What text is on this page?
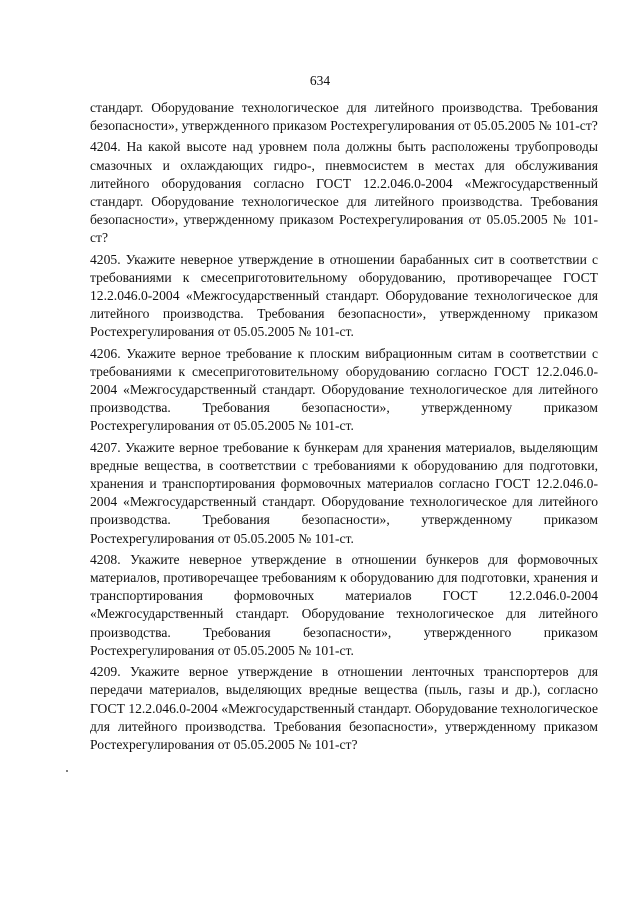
634

стандарт. Оборудование технологическое для литейного производства. Требования безопасности», утвержденного приказом Ростехрегулирования от 05.05.2005 № 101-ст?

4204. На какой высоте над уровнем пола должны быть расположены трубопроводы смазочных и охлаждающих гидро-, пневмосистем в местах для обслуживания литейного оборудования согласно ГОСТ 12.2.046.0-2004 «Межгосударственный стандарт. Оборудование технологическое для литейного производства. Требования безопасности», утвержденному приказом Ростехрегулирования от 05.05.2005 № 101-ст?

4205. Укажите неверное утверждение в отношении барабанных сит в соответствии с требованиями к смесеприготовительному оборудованию, противоречащее ГОСТ 12.2.046.0-2004 «Межгосударственный стандарт. Оборудование технологическое для литейного производства. Требования безопасности», утвержденному приказом Ростехрегулирования от 05.05.2005 № 101-ст.

4206. Укажите верное требование к плоским вибрационным ситам в соответствии с требованиями к смесеприготовительному оборудованию согласно ГОСТ 12.2.046.0-2004 «Межгосударственный стандарт. Оборудование технологическое для литейного производства. Требования безопасности», утвержденному приказом Ростехрегулирования от 05.05.2005 № 101-ст.

4207. Укажите верное требование к бункерам для хранения материалов, выделяющим вредные вещества, в соответствии с требованиями к оборудованию для подготовки, хранения и транспортирования формовочных материалов согласно ГОСТ 12.2.046.0-2004 «Межгосударственный стандарт. Оборудование технологическое для литейного производства. Требования безопасности», утвержденному приказом Ростехрегулирования от 05.05.2005 № 101-ст.

4208. Укажите неверное утверждение в отношении бункеров для формовочных материалов, противоречащее требованиям к оборудованию для подготовки, хранения и транспортирования формовочных материалов ГОСТ 12.2.046.0-2004 «Межгосударственный стандарт. Оборудование технологическое для литейного производства. Требования безопасности», утвержденного приказом Ростехрегулирования от 05.05.2005 № 101-ст.

4209. Укажите верное утверждение в отношении ленточных транспортеров для передачи материалов, выделяющих вредные вещества (пыль, газы и др.), согласно ГОСТ 12.2.046.0-2004 «Межгосударственный стандарт. Оборудование технологическое для литейного производства. Требования безопасности», утвержденному приказом Ростехрегулирования от 05.05.2005 № 101-ст?
